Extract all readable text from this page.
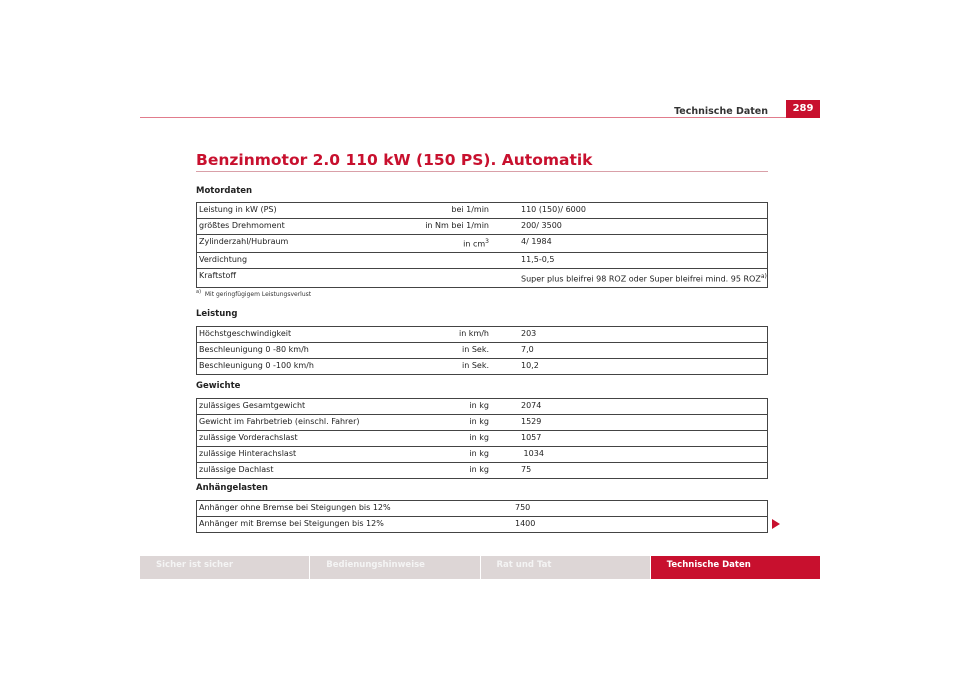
Technische Daten	289
Benzinmotor 2.0 110 kW (150 PS). Automatik
Motordaten
Leistung in kW (PS)	bei 1/min	110 (150)/ 6000
größtes Drehmoment	in Nm bei 1/min	200/ 3500
Zylinderzahl/Hubraum	in $cm^3$	4/ 1984
Verdichtung		11,5-0,5
Kraftstoff		Super plus bleifrei 98 ROZ oder Super bleifrei mind. 95 ROZ$^{a)}$
$^{a)}$ Mit geringfügigem Leistungsverlust
Leistung
Höchstgeschwindigkeit	in km/h	203
Beschleunigung 0 -80 km/h	in Sek.	7,0
Beschleunigung 0 -100 km/h	in Sek.	10,2
Gewichte
zulässiges Gesamtgewicht	in kg	2074
Gewicht im Fahrbetrieb (einschl. Fahrer)	in kg	1529
zulässige Vorderachslast	in kg	1057
zulässige Hinterachslast	in kg	1034
zulässige Dachlast	in kg	75
Anhängelasten
Anhänger ohne Bremse bei Steigungen bis 12%	750
Anhänger mit Bremse bei Steigungen bis 12%	1400
Sicher ist sicher	Bedienungshinweise	Rat und Tat	Technische Daten
